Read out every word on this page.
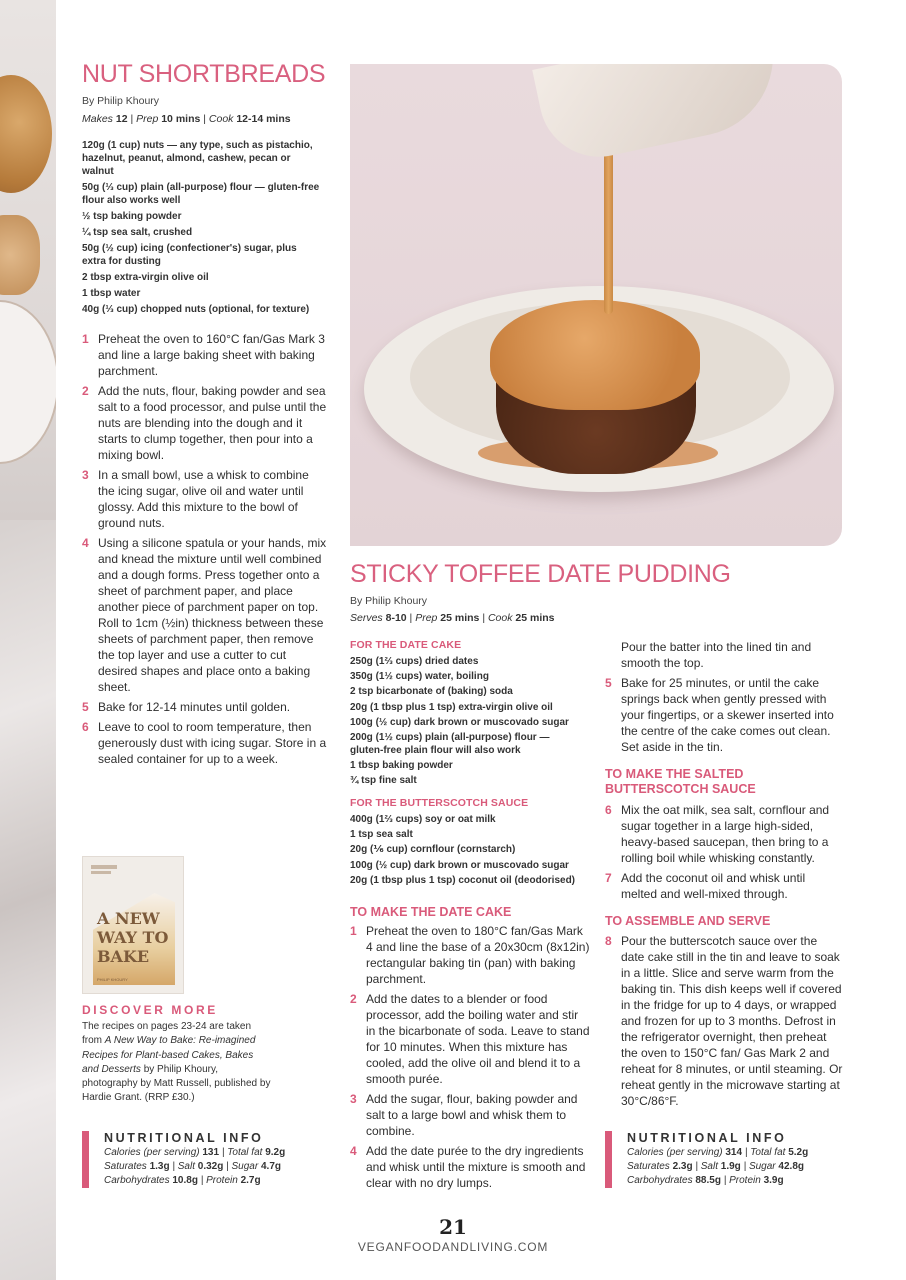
NUT SHORTBREADS
By Philip Khoury
Makes 12 | Prep 10 mins | Cook 12-14 mins
120g (1 cup) nuts — any type, such as pistachio, hazelnut, peanut, almond, cashew, pecan or walnut
50g (⅓ cup) plain (all-purpose) flour — gluten-free flour also works well
½ tsp baking powder
¼ tsp sea salt, crushed
50g (½ cup) icing (confectioner's) sugar, plus extra for dusting
2 tbsp extra-virgin olive oil
1 tbsp water
40g (⅓ cup) chopped nuts (optional, for texture)
1 Preheat the oven to 160°C fan/Gas Mark 3 and line a large baking sheet with baking parchment.
2 Add the nuts, flour, baking powder and sea salt to a food processor, and pulse until the nuts are blending into the dough and it starts to clump together, then pour into a mixing bowl.
3 In a small bowl, use a whisk to combine the icing sugar, olive oil and water until glossy. Add this mixture to the bowl of ground nuts.
4 Using a silicone spatula or your hands, mix and knead the mixture until well combined and a dough forms. Press together onto a sheet of parchment paper, and place another piece of parchment paper on top. Roll to 1cm (½in) thickness between these sheets of parchment paper, then remove the top layer and use a cutter to cut desired shapes and place onto a baking sheet.
5 Bake for 12-14 minutes until golden.
6 Leave to cool to room temperature, then generously dust with icing sugar. Store in a sealed container for up to a week.
A NEW WAY TO BAKE
PHILIP KHOURY
DISCOVER MORE
The recipes on pages 23-24 are taken from A New Way to Bake: Re-imagined Recipes for Plant-based Cakes, Bakes and Desserts by Philip Khoury, photography by Matt Russell, published by Hardie Grant. (RRP £30.)
NUTRITIONAL INFO
Calories (per serving) 131 | Total fat 9.2g
Saturates 1.3g | Salt 0.32g | Sugar 4.7g
Carbohydrates 10.8g | Protein 2.7g
STICKY TOFFEE DATE PUDDING
By Philip Khoury
Serves 8-10 | Prep 25 mins | Cook 25 mins
FOR THE DATE CAKE
250g (1⅔ cups) dried dates
350g (1½ cups) water, boiling
2 tsp bicarbonate of (baking) soda
20g (1 tbsp plus 1 tsp) extra-virgin olive oil
100g (½ cup) dark brown or muscovado sugar
200g (1½ cups) plain (all-purpose) flour — gluten-free plain flour will also work
1 tbsp baking powder
¾ tsp fine salt
FOR THE BUTTERSCOTCH SAUCE
400g (1⅔ cups) soy or oat milk
1 tsp sea salt
20g (⅙ cup) cornflour (cornstarch)
100g (½ cup) dark brown or muscovado sugar
20g (1 tbsp plus 1 tsp) coconut oil (deodorised)
TO MAKE THE DATE CAKE
1 Preheat the oven to 180°C fan/Gas Mark 4 and line the base of a 20x30cm (8x12in) rectangular baking tin (pan) with baking parchment.
2 Add the dates to a blender or food processor, add the boiling water and stir in the bicarbonate of soda. Leave to stand for 10 minutes. When this mixture has cooled, add the olive oil and blend it to a smooth purée.
3 Add the sugar, flour, baking powder and salt to a large bowl and whisk them to combine.
4 Add the date purée to the dry ingredients and whisk until the mixture is smooth and clear with no dry lumps.
Pour the batter into the lined tin and smooth the top.
5 Bake for 25 minutes, or until the cake springs back when gently pressed with your fingertips, or a skewer inserted into the centre of the cake comes out clean. Set aside in the tin.
TO MAKE THE SALTED BUTTERSCOTCH SAUCE
6 Mix the oat milk, sea salt, cornflour and sugar together in a large high-sided, heavy-based saucepan, then bring to a rolling boil while whisking constantly.
7 Add the coconut oil and whisk until melted and well-mixed through.
TO ASSEMBLE AND SERVE
8 Pour the butterscotch sauce over the date cake still in the tin and leave to soak in a little. Slice and serve warm from the baking tin. This dish keeps well if covered in the fridge for up to 4 days, or wrapped and frozen for up to 3 months. Defrost in the refrigerator overnight, then preheat the oven to 150°C fan/ Gas Mark 2 and reheat for 8 minutes, or until steaming. Or reheat gently in the microwave starting at 30°C/86°F.
NUTRITIONAL INFO
Calories (per serving) 314 | Total fat 5.2g
Saturates 2.3g | Salt 1.9g | Sugar 42.8g
Carbohydrates 88.5g | Protein 3.9g
21
VEGANFOODANDLIVING.COM
